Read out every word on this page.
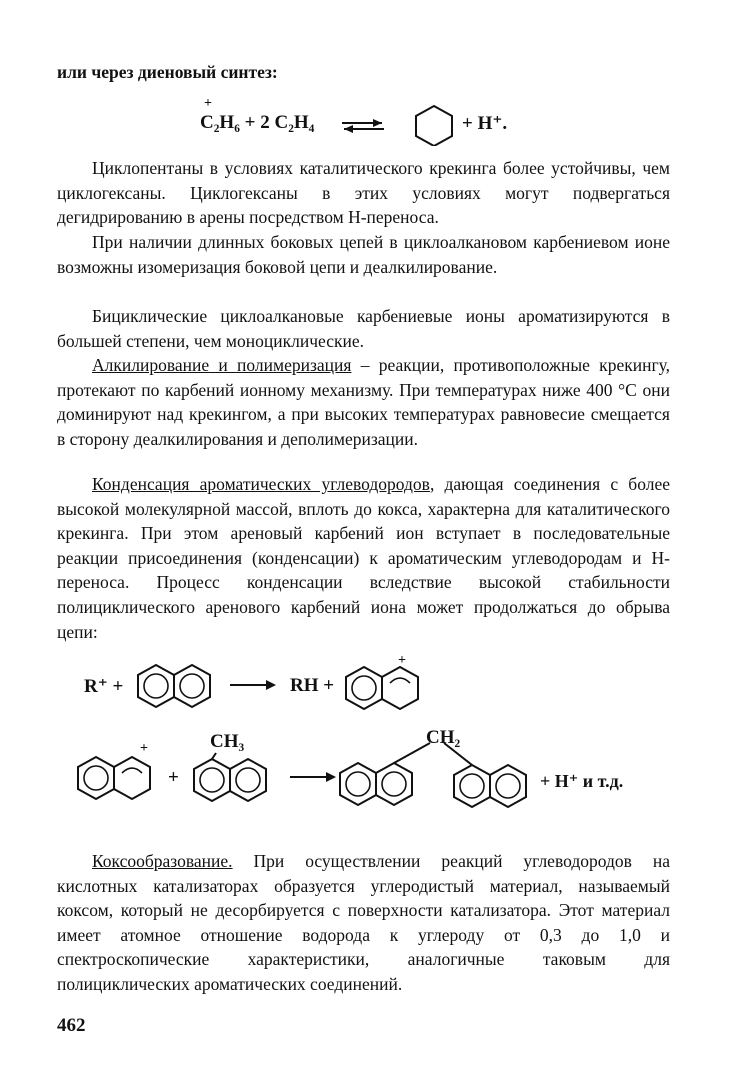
или через диеновый синтез:
C₂H₆ + 2 C₂H₄
+
+ H⁺.

Циклопентаны в условиях каталитического крекинга более устойчивы, чем циклогексаны. Циклогексаны в этих условиях могут подвергаться дегидрированию в арены посредством Н-переноса.

При наличии длинных боковых цепей в циклоалкановом карбениевом ионе возможны изомеризация боковой цепи и деалкилирование.

Бициклические циклоалкановые карбениевые ионы ароматизируются в большей степени, чем моноциклические.

Алкилирование и полимеризация – реакции, противоположные крекингу, протекают по карбений ионному механизму. При температурах ниже 400 °С они доминируют над крекингом, а при высоких температурах равновесие смещается в сторону деалкилирования и деполимеризации.

Конденсация ароматических углеводородов, дающая соединения с более высокой молекулярной массой, вплоть до кокса, характерна для каталитического крекинга. При этом ареновый карбений ион вступает в последовательные реакции присоединения (конденсации) к ароматическим углеводородам и Н-переноса. Процесс конденсации вследствие высокой стабильности полициклического аренового карбений иона может продолжаться до обрыва цепи:

R⁺ +	→ RH +
+
+
+
CH₃	CH₂
+ H⁺ и т.д.

Коксообразование. При осуществлении реакций углеводородов на кислотных катализаторах образуется углеродистый материал, называемый коксом, который не десорбируется с поверхности катализатора. Этот материал имеет атомное отношение водорода к углероду от 0,3 до 1,0 и спектроскопические характеристики, аналогичные таковым для полициклических ароматических соединений.

462
